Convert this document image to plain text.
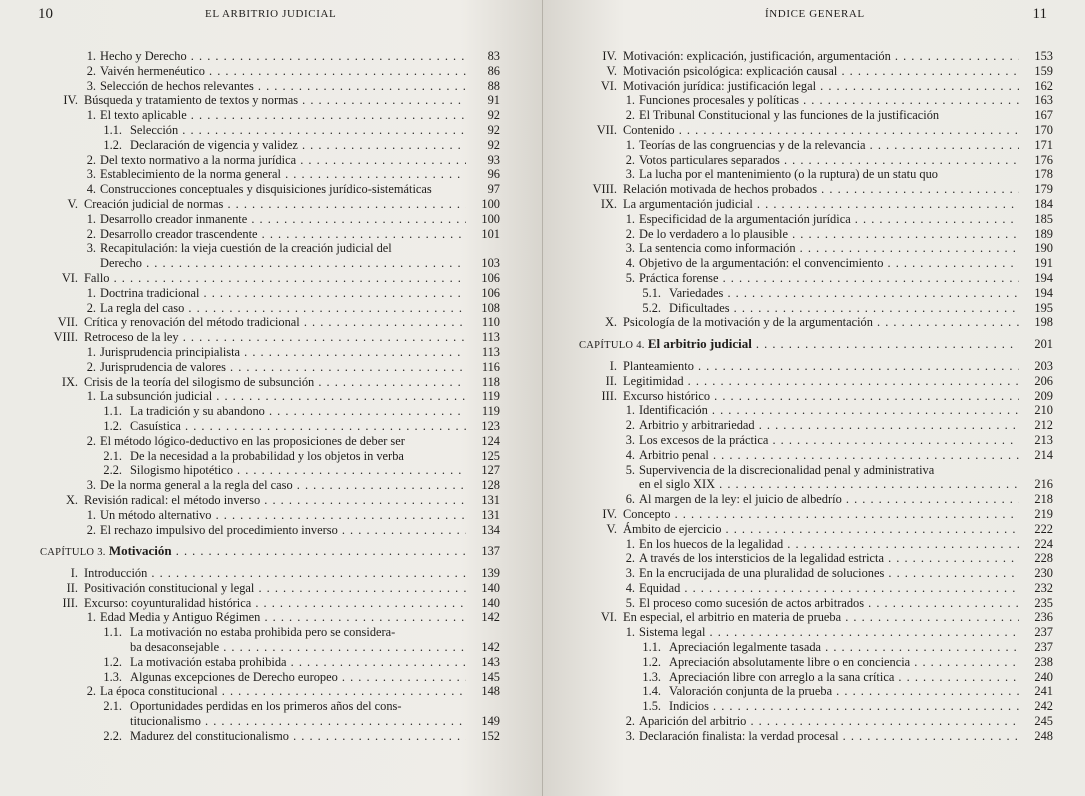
10	EL ARBITRIO JUDICIAL
1. Hecho y Derecho . . .	83
2. Vaivén hermenéutico . . .	86
3. Selección de hechos relevantes . . .	88
IV. Búsqueda y tratamiento de textos y normas . . .	91
1. El texto aplicable . . .	92
1.1. Selección . . .	92
1.2. Declaración de vigencia y validez . . .	92
2. Del texto normativo a la norma jurídica . . .	93
3. Establecimiento de la norma general . . .	96
4. Construcciones conceptuales y disquisiciones jurídico-sistemáticas	97
V. Creación judicial de normas . . .	100
1. Desarrollo creador inmanente . . .	100
2. Desarrollo creador trascendente . . .	101
3. Recapitulación: la vieja cuestión de la creación judicial del
Derecho . . .	103
VI. Fallo . . .	106
1. Doctrina tradicional . . .	106
2. La regla del caso . . .	108
VII. Crítica y renovación del método tradicional . . .	110
VIII. Retroceso de la ley . . .	113
1. Jurisprudencia principialista . . .	113
2. Jurisprudencia de valores . . .	116
IX. Crisis de la teoría del silogismo de subsunción . . .	118
1. La subsunción judicial . . .	119
1.1. La tradición y su abandono . . .	119
1.2. Casuística . . .	123
2. El método lógico-deductivo en las proposiciones de deber ser	124
2.1. De la necesidad a la probabilidad y los objetos in verba	125
2.2. Silogismo hipotético . . .	127
3. De la norma general a la regla del caso . . .	128
X. Revisión radical: el método inverso . . .	131
1. Un método alternativo . . .	131
2. El rechazo impulsivo del procedimiento inverso . . .	134
CAPÍTULO 3. Motivación . . .	137
I. Introducción . . .	139
II. Positivación constitucional y legal . . .	140
III. Excurso: coyunturalidad histórica . . .	140
1. Edad Media y Antiguo Régimen . . .	142
1.1. La motivación no estaba prohibida pero se considera-
ba desaconsejable . . .	142
1.2. La motivación estaba prohibida . . .	143
1.3. Algunas excepciones de Derecho europeo . . .	145
2. La época constitucional . . .	148
2.1. Oportunidades perdidas en los primeros años del cons-
titucionalismo . . .	149
2.2. Madurez del constitucionalismo . . .	152
11
ÍNDICE GENERAL
IV. Motivación: explicación, justificación, argumentación . . .	153
V. Motivación psicológica: explicación causal . . .	159
VI. Motivación jurídica: justificación legal . . .	162
1. Funciones procesales y políticas . . .	163
2. El Tribunal Constitucional y las funciones de la justificación	167
VII. Contenido . . .	170
1. Teorías de las congruencias y de la relevancia . . .	171
2. Votos particulares separados . . .	176
3. La lucha por el mantenimiento (o la ruptura) de un statu quo	178
VIII. Relación motivada de hechos probados . . .	179
IX. La argumentación judicial . . .	184
1. Especificidad de la argumentación jurídica . . .	185
2. De lo verdadero a lo plausible . . .	189
3. La sentencia como información . . .	190
4. Objetivo de la argumentación: el convencimiento . . .	191
5. Práctica forense . . .	194
5.1. Variedades . . .	194
5.2. Dificultades . . .	195
X. Psicología de la motivación y de la argumentación . . .	198
CAPÍTULO 4. El arbitrio judicial . . .	201
I. Planteamiento . . .	203
II. Legitimidad . . .	206
III. Excurso histórico . . .	209
1. Identificación . . .	210
2. Arbitrio y arbitrariedad . . .	212
3. Los excesos de la práctica . . .	213
4. Arbitrio penal . . .	214
5. Supervivencia de la discrecionalidad penal y administrativa
en el siglo XIX . . .	216
6. Al margen de la ley: el juicio de albedrío . . .	218
IV. Concepto . . .	219
V. Ámbito de ejercicio . . .	222
1. En los huecos de la legalidad . . .	224
2. A través de los intersticios de la legalidad estricta . . .	228
3. En la encrucijada de una pluralidad de soluciones . . .	230
4. Equidad . . .	232
5. El proceso como sucesión de actos arbitrados . . .	235
VI. En especial, el arbitrio en materia de prueba . . .	236
1. Sistema legal . . .	237
1.1. Apreciación legalmente tasada . . .	237
1.2. Apreciación absolutamente libre o en conciencia . . .	238
1.3. Apreciación libre con arreglo a la sana crítica . . .	240
1.4. Valoración conjunta de la prueba . . .	241
1.5. Indicios . . .	242
2. Aparición del arbitrio . . .	245
3. Declaración finalista: la verdad procesal . . .	248
